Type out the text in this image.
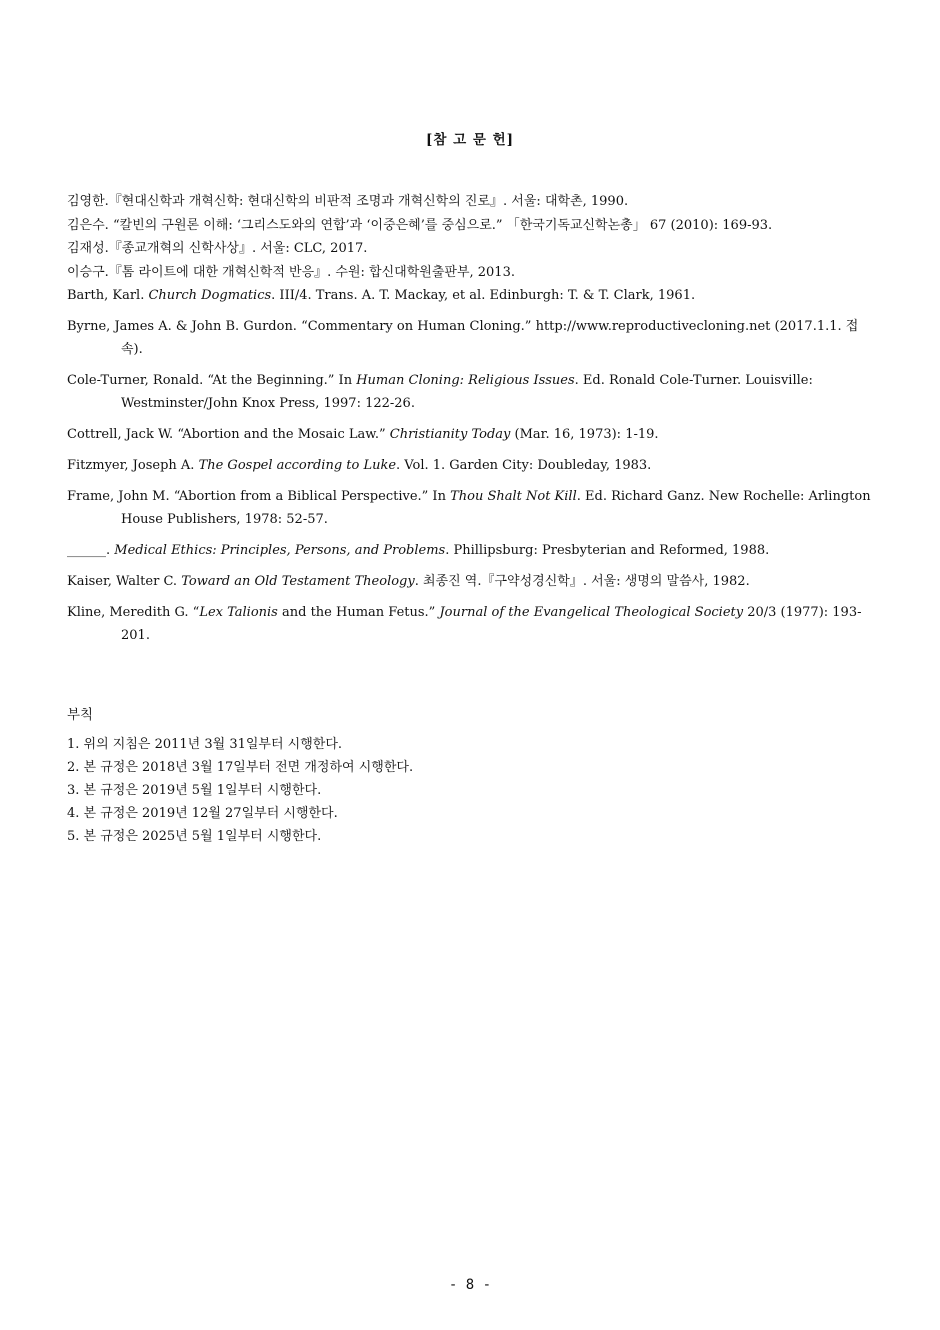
[참 고 문 헌]

김영한.『현대신학과 개혁신학: 현대신학의 비판적 조명과 개혁신학의 진로』. 서울: 대학촌, 1990.

김은수. “칼빈의 구원론 이해: ‘그리스도와의 연합’과 ‘이중은혜’를 중심으로.” 「한국기독교신학논총」 67 (2010): 169-93.

김재성.『종교개혁의 신학사상』. 서울: CLC, 2017.

이승구.『톰 라이트에 대한 개혁신학적 반응』. 수원: 합신대학원출판부, 2013.

Barth, Karl. Church Dogmatics. III/4. Trans. A. T. Mackay, et al. Edinburgh: T. & T. Clark, 1961.

Byrne, James A. & John B. Gurdon. “Commentary on Human Cloning.” http://www.reproductivecloning.net (2017.1.1. 접속).

Cole-Turner, Ronald. “At the Beginning.” In Human Cloning: Religious Issues. Ed. Ronald Cole-Turner. Louisville: Westminster/John Knox Press, 1997: 122-26.

Cottrell, Jack W. “Abortion and the Mosaic Law.” Christianity Today (Mar. 16, 1973): 1-19.

Fitzmyer, Joseph A. The Gospel according to Luke. Vol. 1. Garden City: Doubleday, 1983.

Frame, John M. “Abortion from a Biblical Perspective.” In Thou Shalt Not Kill. Ed. Richard Ganz. New Rochelle: Arlington House Publishers, 1978: 52-57.

______. Medical Ethics: Principles, Persons, and Problems. Phillipsburg: Presbyterian and Reformed, 1988.

Kaiser, Walter C. Toward an Old Testament Theology. 최종진 역.『구약성경신학』. 서울: 생명의 말씀사, 1982.

Kline, Meredith G. “Lex Talionis and the Human Fetus.” Journal of the Evangelical Theological Society 20/3 (1977): 193-201.

부칙

1. 위의 지침은 2011년 3월 31일부터 시행한다.

2. 본 규정은 2018년 3월 17일부터 전면 개정하여 시행한다.

3. 본 규정은 2019년 5월 1일부터 시행한다.

4. 본 규정은 2019년 12월 27일부터 시행한다.

5. 본 규정은 2025년 5월 1일부터 시행한다.

- 8 -
